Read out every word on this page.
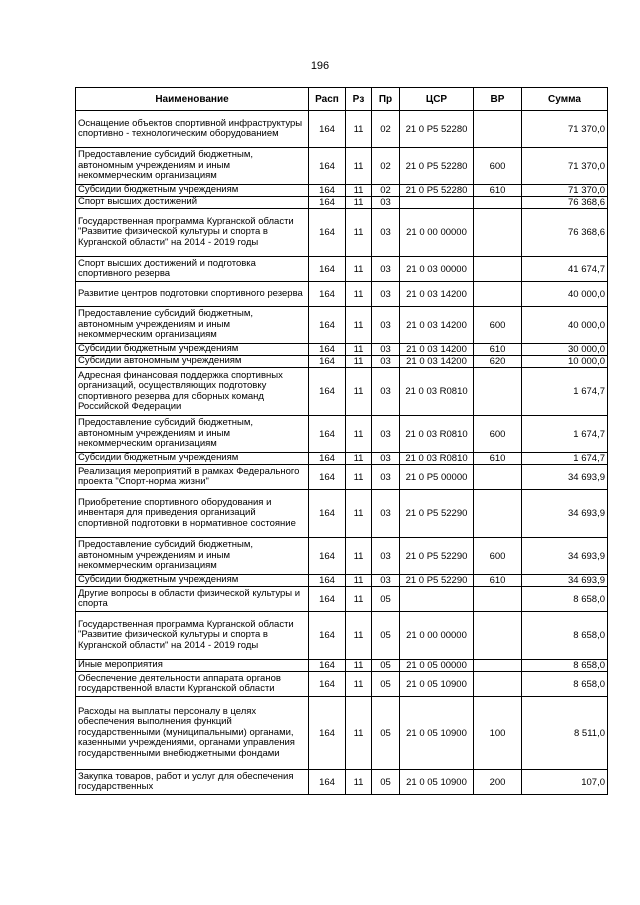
196
Наименование	Расп	Рз	Пр	ЦСР	ВР	Сумма
Оснащение объектов спортивной инфраструктуры спортивно - технологическим оборудованием	164	11	02	21 0 P5 52280		71 370,0
Предоставление субсидий бюджетным, автономным учреждениям и иным некоммерческим организациям	164	11	02	21 0 P5 52280	600	71 370,0
Субсидии бюджетным учреждениям	164	11	02	21 0 P5 52280	610	71 370,0
Спорт высших достижений	164	11	03			76 368,6
Государственная программа Курганской области "Развитие физической культуры и спорта в Курганской области" на 2014 - 2019 годы	164	11	03	21 0 00 00000		76 368,6
Спорт высших достижений и подготовка спортивного резерва	164	11	03	21 0 03 00000		41 674,7
Развитие центров подготовки спортивного резерва	164	11	03	21 0 03 14200		40 000,0
Предоставление субсидий бюджетным, автономным учреждениям и иным некоммерческим организациям	164	11	03	21 0 03 14200	600	40 000,0
Субсидии бюджетным учреждениям	164	11	03	21 0 03 14200	610	30 000,0
Субсидии автономным учреждениям	164	11	03	21 0 03 14200	620	10 000,0
Адресная финансовая поддержка спортивных организаций, осуществляющих подготовку спортивного резерва для сборных команд Российской Федерации	164	11	03	21 0 03 R0810		1 674,7
Предоставление субсидий бюджетным, автономным учреждениям и иным некоммерческим организациям	164	11	03	21 0 03 R0810	600	1 674,7
Субсидии бюджетным учреждениям	164	11	03	21 0 03 R0810	610	1 674,7
Реализация мероприятий в рамках Федерального проекта "Спорт-норма жизни"	164	11	03	21 0 P5 00000		34 693,9
Приобретение спортивного оборудования и инвентаря для приведения организаций спортивной подготовки в нормативное состояние	164	11	03	21 0 P5 52290		34 693,9
Предоставление субсидий бюджетным, автономным учреждениям и иным некоммерческим организациям	164	11	03	21 0 P5 52290	600	34 693,9
Субсидии бюджетным учреждениям	164	11	03	21 0 P5 52290	610	34 693,9
Другие вопросы в области физической культуры и спорта	164	11	05			8 658,0
Государственная программа Курганской области "Развитие физической культуры и спорта в Курганской области" на 2014 - 2019 годы	164	11	05	21 0 00 00000		8 658,0
Иные мероприятия	164	11	05	21 0 05 00000		8 658,0
Обеспечение деятельности аппарата органов государственной власти Курганской области	164	11	05	21 0 05 10900		8 658,0
Расходы на выплаты персоналу в целях обеспечения выполнения функций государственными (муниципальными) органами, казенными учреждениями, органами управления государственными внебюджетными фондами	164	11	05	21 0 05 10900	100	8 511,0
Закупка товаров, работ и услуг для обеспечения государственных	164	11	05	21 0 05 10900	200	107,0
